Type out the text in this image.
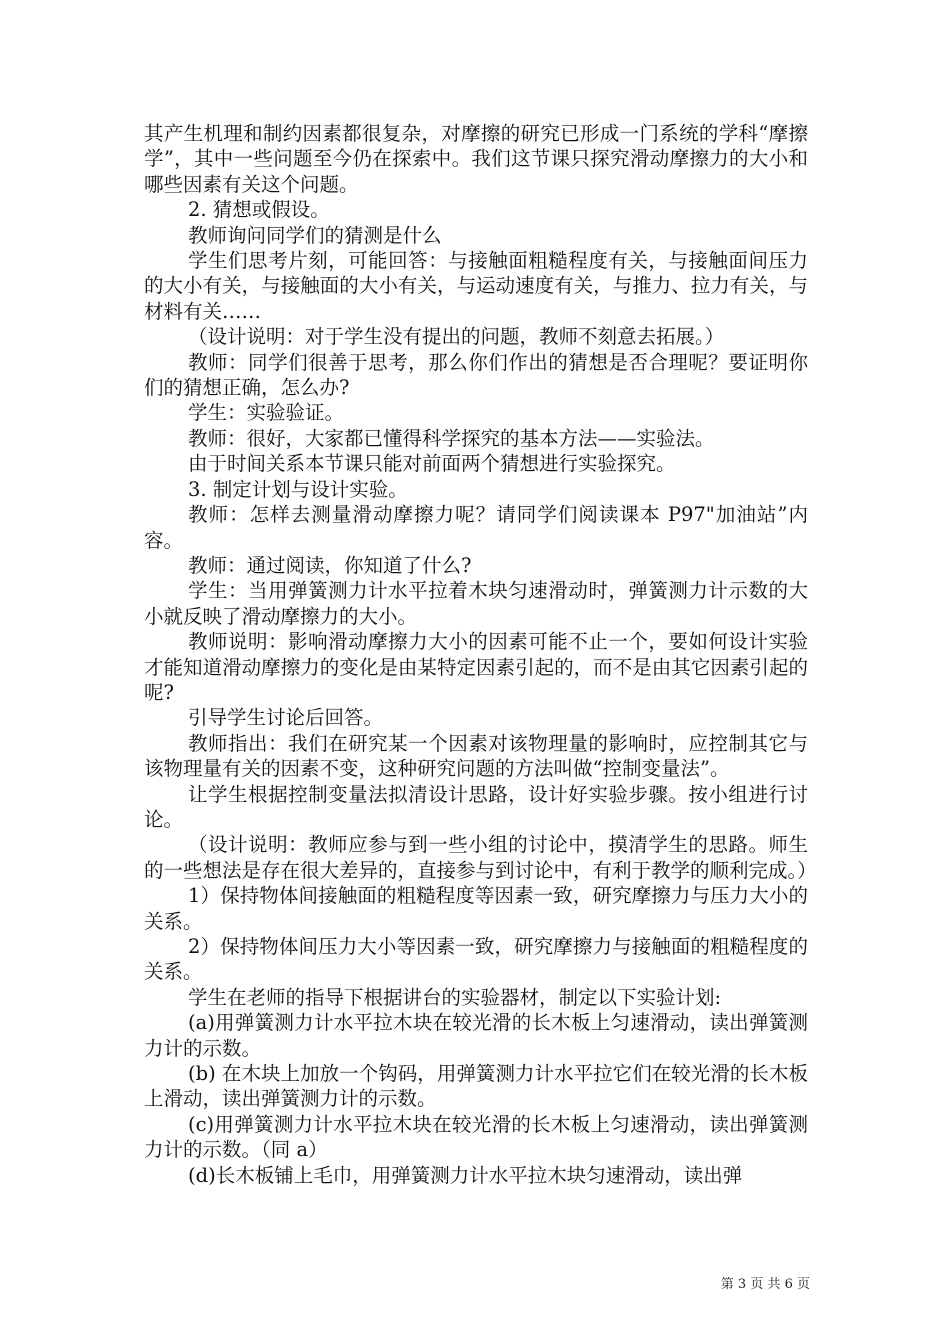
其产生机理和制约因素都很复杂，对摩擦的研究已形成一门系统的学科“摩擦学”，其中一些问题至今仍在探索中。我们这节课只探究滑动摩擦力的大小和哪些因素有关这个问题。

2. 猜想或假设。

教师询问同学们的猜测是什么

学生们思考片刻，可能回答：与接触面粗糙程度有关，与接触面间压力的大小有关，与接触面的大小有关，与运动速度有关，与推力、拉力有关，与材料有关……

（设计说明：对于学生没有提出的问题，教师不刻意去拓展。）

教师：同学们很善于思考，那么你们作出的猜想是否合理呢？要证明你们的猜想正确，怎么办?

学生：实验验证。

教师：很好，大家都已懂得科学探究的基本方法——实验法。

由于时间关系本节课只能对前面两个猜想进行实验探究。

3. 制定计划与设计实验。

教师：怎样去测量滑动摩擦力呢？请同学们阅读课本 P97"加油站”内容。

教师：通过阅读，你知道了什么?

学生：当用弹簧测力计水平拉着木块匀速滑动时，弹簧测力计示数的大小就反映了滑动摩擦力的大小。

教师说明：影响滑动摩擦力大小的因素可能不止一个，要如何设计实验才能知道滑动摩擦力的变化是由某特定因素引起的，而不是由其它因素引起的呢?

引导学生讨论后回答。

教师指出：我们在研究某一个因素对该物理量的影响时，应控制其它与该物理量有关的因素不变，这种研究问题的方法叫做“控制变量法”。

让学生根据控制变量法拟清设计思路，设计好实验步骤。按小组进行讨论。

（设计说明：教师应参与到一些小组的讨论中，摸清学生的思路。师生的一些想法是存在很大差异的，直接参与到讨论中，有利于教学的顺利完成。）

1）保持物体间接触面的粗糙程度等因素一致，研究摩擦力与压力大小的关系。

2）保持物体间压力大小等因素一致，研究摩擦力与接触面的粗糙程度的关系。

学生在老师的指导下根据讲台的实验器材，制定以下实验计划:

(a)用弹簧测力计水平拉木块在较光滑的长木板上匀速滑动，读出弹簧测力计的示数。

(b) 在木块上加放一个钩码，用弹簧测力计水平拉它们在较光滑的长木板上滑动，读出弹簧测力计的示数。

(c)用弹簧测力计水平拉木块在较光滑的长木板上匀速滑动，读出弹簧测力计的示数。（同 a）

(d)长木板铺上毛巾，用弹簧测力计水平拉木块匀速滑动，读出弹

第 3 页 共 6 页
